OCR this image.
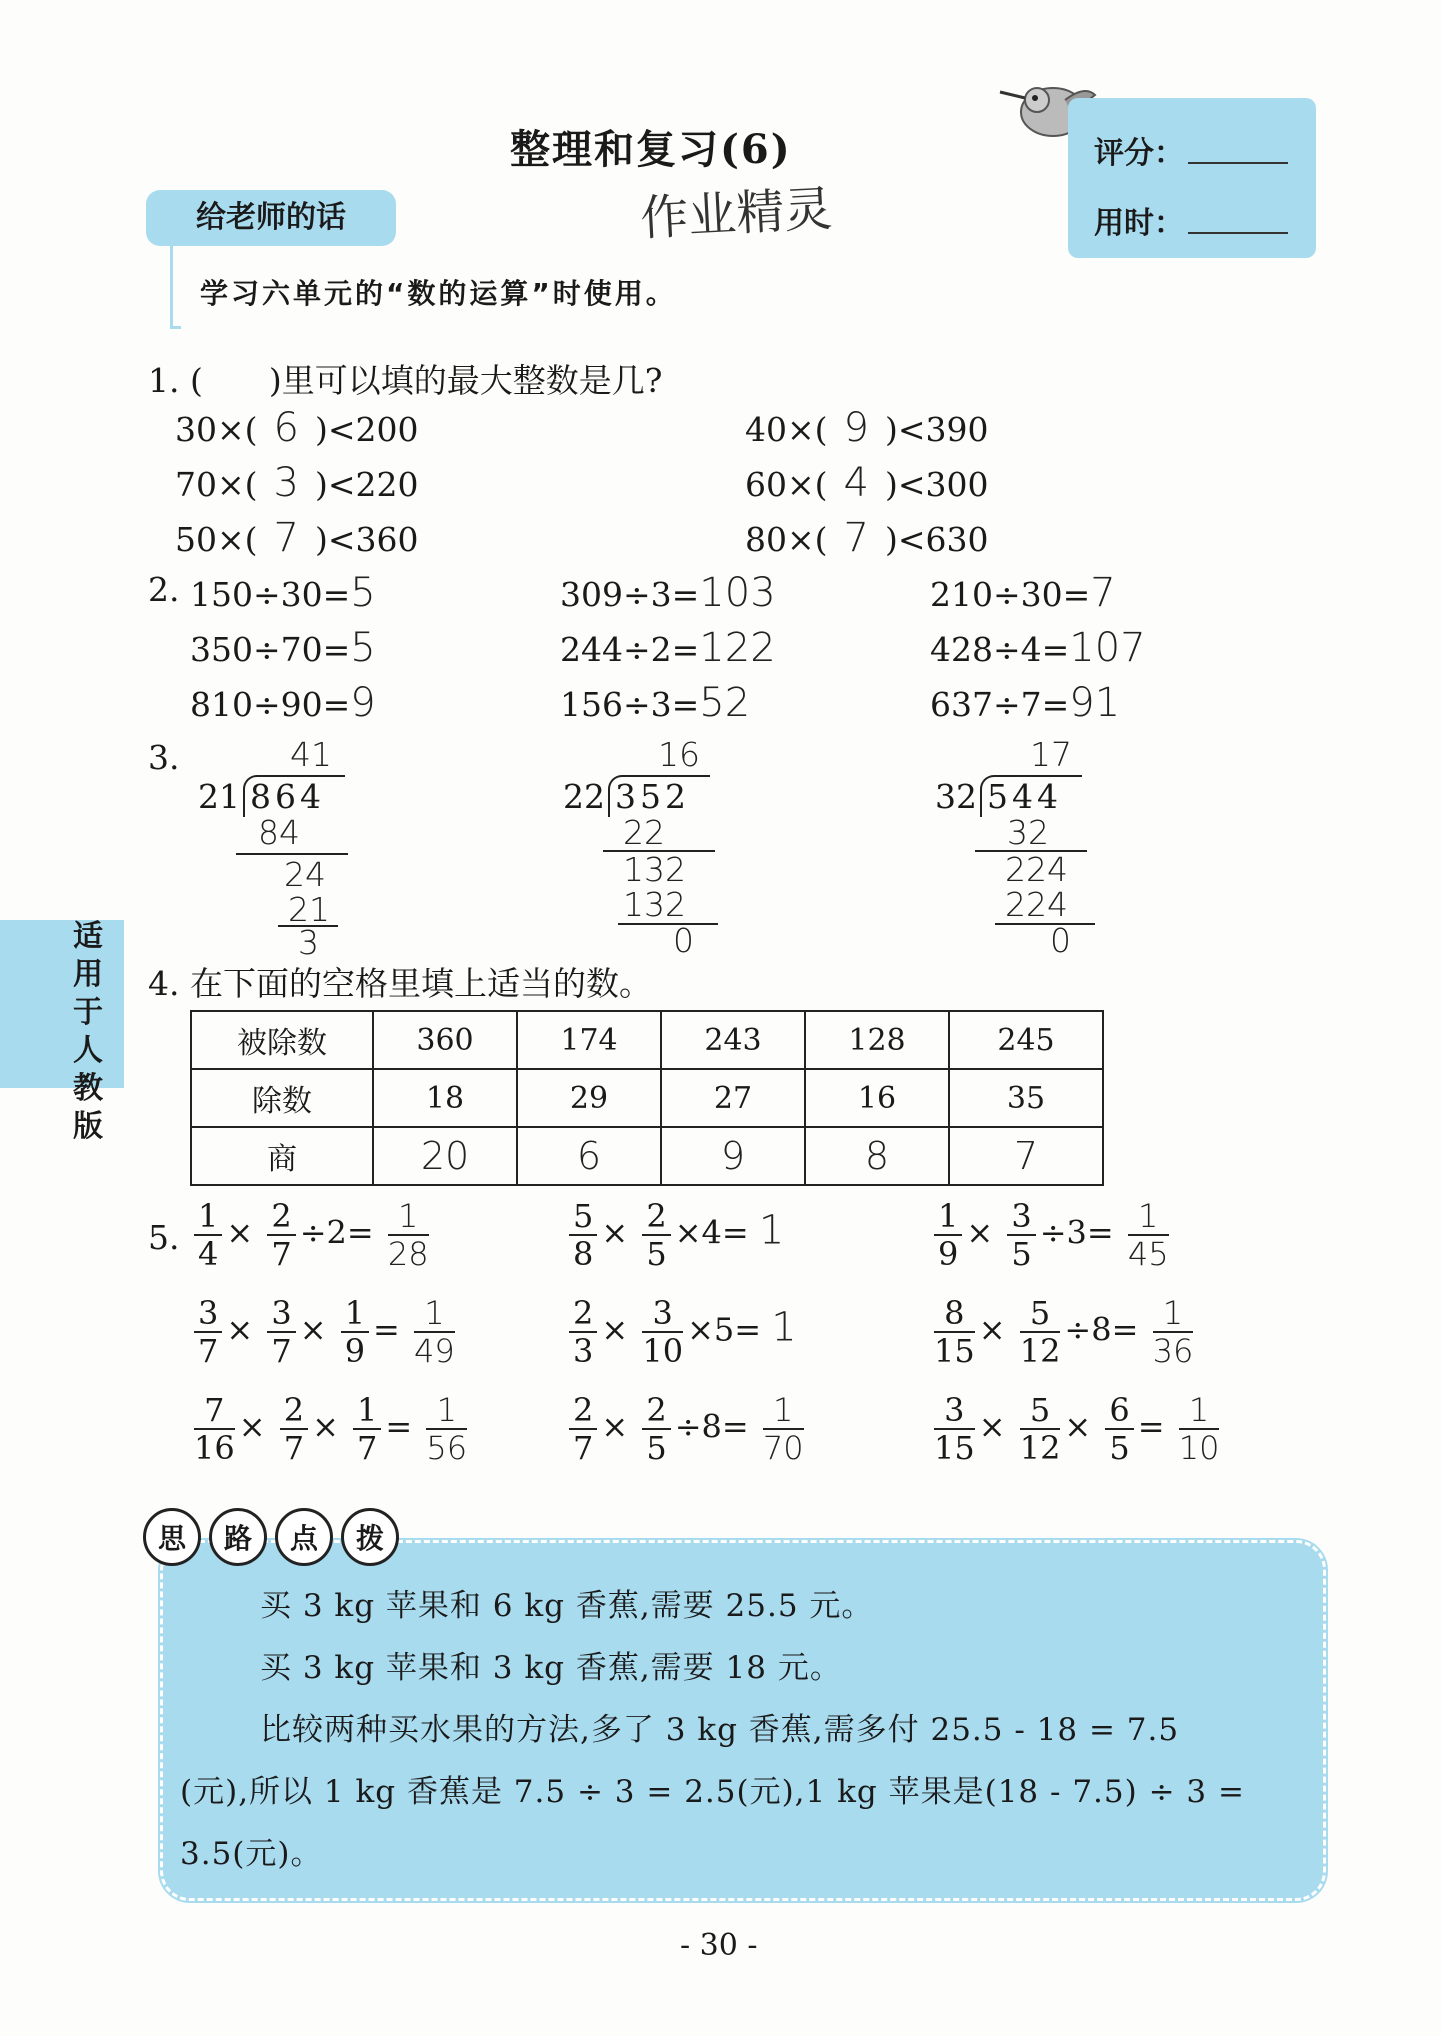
整理和复习(6)
作业精灵
评分：
用时：
给老师的话
学习六单元的“数的运算”时使用。
适用于人教版
1. (　　)里可以填的最大整数是几?
30×( 6 )<200	40×( 9 )<390
70×( 3 )<220	60×( 4 )<300
50×( 7 )<360	80×( 7 )<630
2. 150÷30=5	309÷3=103	210÷30=7
350÷70=5	244÷2=122	428÷4=107
810÷90=9	156÷3=52	637÷7=91
3.	41
21 864
84
24
21
3
16
22 352
22
132
132
0
17
32 544
32
224
224
0
4. 在下面的空格里填上适当的数。
被除数	360	174	243	128	245
除数	18	29	27	16	35
商	20	6	9	8	7
5. $\frac{1}{4} \times \frac{2}{7} \div 2= \frac{1}{28}$	$\frac{5}{8} \times \frac{2}{5} \times 4= 1$	$\frac{1}{9} \times \frac{3}{5} \div 3= \frac{1}{45}$
$\frac{3}{7} \times \frac{3}{7} \times \frac{1}{9} = \frac{1}{49}$	$\frac{2}{3} \times \frac{3}{10} \times 5= 1$	$\frac{8}{15} \times \frac{5}{12} \div 8= \frac{1}{36}$
$\frac{7}{16} \times \frac{2}{7} \times \frac{1}{7} = \frac{1}{56}$	$\frac{2}{7} \times \frac{2}{5} \div 8= \frac{1}{70}$	$\frac{3}{15} \times \frac{5}{12} \times \frac{6}{5} = \frac{1}{10}$
思	路	点	拨
买 3 kg 苹果和 6 kg 香蕉,需要 25.5 元。
买 3 kg 苹果和 3 kg 香蕉,需要 18 元。
比较两种买水果的方法,多了 3 kg 香蕉,需多付 25.5 - 18 = 7.5
(元),所以 1 kg 香蕉是 7.5 ÷ 3 = 2.5(元),1 kg 苹果是(18 - 7.5) ÷ 3 =
3.5(元)。
- 30 -
